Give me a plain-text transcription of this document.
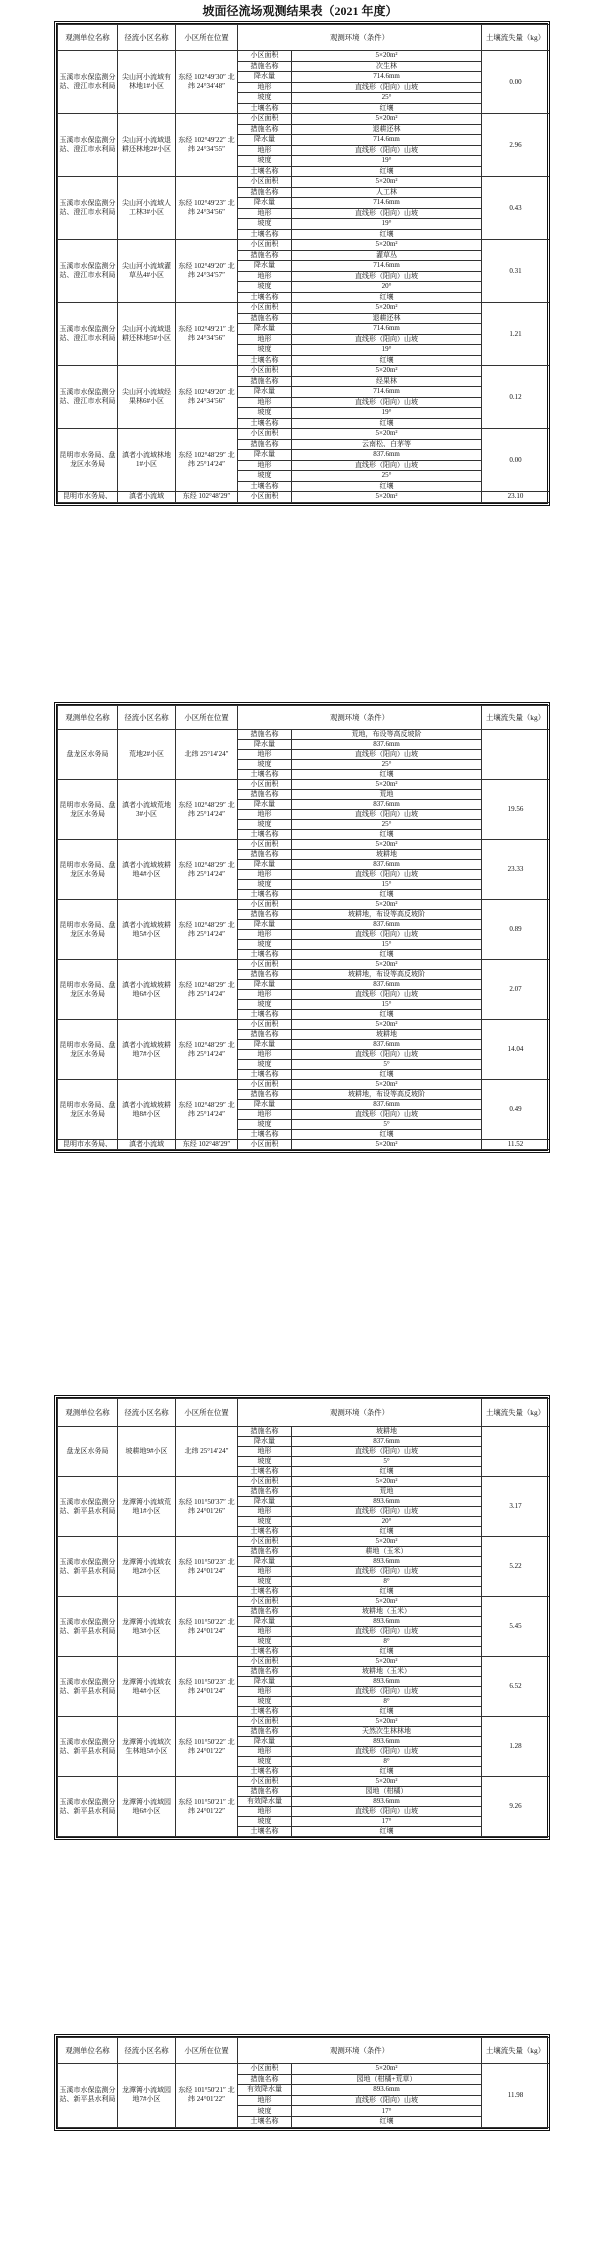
坡面径流场观测结果表（2021 年度）
观测单位名称	径流小区名称	小区所在位置	观测环境（条件）		土壤流失量（kg）
玉溪市水保监测分站、澄江市水利局	尖山河小流域有林地1#小区	东经 102°49′30″ 北纬 24°34′48″	小区面积	5×20m²	0.00
			措施名称	次生林	
			降水量	714.6mm	
			地形	直线形（阳向）山坡	
			坡度	25°	
			土壤名称	红壤	
玉溪市水保监测分站、澄江市水利局	尖山河小流域退耕还林地2#小区	东经 102°49′22″ 北纬 24°34′55″	小区面积	5×20m²	2.96
			措施名称	退耕还林	
			降水量	714.6mm	
			地形	直线形（阳向）山坡	
			坡度	19°	
			土壤名称	红壤	
玉溪市水保监测分站、澄江市水利局	尖山河小流域人工林3#小区	东经 102°49′23″ 北纬 24°34′56″	小区面积	5×20m²	0.43
			措施名称	人工林	
			降水量	714.6mm	
			地形	直线形（阳向）山坡	
			坡度	19°	
			土壤名称	红壤	
玉溪市水保监测分站、澄江市水利局	尖山河小流域灌草丛4#小区	东经 102°49′20″ 北纬 24°34′57″	小区面积	5×20m²	0.31
			措施名称	灌草丛	
			降水量	714.6mm	
			地形	直线形（阳向）山坡	
			坡度	20°	
			土壤名称	红壤	
玉溪市水保监测分站、澄江市水利局	尖山河小流域退耕还林地5#小区	东经 102°49′21″ 北纬 24°34′56″	小区面积	5×20m²	1.21
			措施名称	退耕还林	
			降水量	714.6mm	
			地形	直线形（阳向）山坡	
			坡度	19°	
			土壤名称	红壤	
玉溪市水保监测分站、澄江市水利局	尖山河小流域经果林6#小区	东经 102°49′20″ 北纬 24°34′56″	小区面积	5×20m²	0.12
			措施名称	经果林	
			降水量	714.6mm	
			地形	直线形（阳向）山坡	
			坡度	19°	
			土壤名称	红壤	
昆明市水务局、盘龙区水务局	滇者小流域林地1#小区	东经 102°48′29″ 北纬 25°14′24″	小区面积	5×20m²	0.00
			措施名称	云南松、白茅等	
			降水量	837.6mm	
			地形	直线形（阳向）山坡	
			坡度	25°	
			土壤名称	红壤	
昆明市水务局、	滇者小流域	东经 102°48′29″	小区面积	5×20m²	23.10
观测单位名称	径流小区名称	小区所在位置	观测环境（条件）		土壤流失量（kg）
盘龙区水务局	荒地2#小区	北纬 25°14′24″	措施名称	荒地，布设等高反坡阶	
			降水量	837.6mm	
			地形	直线形（阳向）山坡	
			坡度	25°	
			土壤名称	红壤	
昆明市水务局、盘龙区水务局	滇者小流域荒地3#小区	东经 102°48′29″ 北纬 25°14′24″	小区面积	5×20m²	19.56
			措施名称	荒地	
			降水量	837.6mm	
			地形	直线形（阳向）山坡	
			坡度	25°	
			土壤名称	红壤	
昆明市水务局、盘龙区水务局	滇者小流域坡耕地4#小区	东经 102°48′29″ 北纬 25°14′24″	小区面积	5×20m²	23.33
			措施名称	坡耕地	
			降水量	837.6mm	
			地形	直线形（阳向）山坡	
			坡度	15°	
			土壤名称	红壤	
昆明市水务局、盘龙区水务局	滇者小流域坡耕地5#小区	东经 102°48′29″ 北纬 25°14′24″	小区面积	5×20m²	0.89
			措施名称	坡耕地，布设等高反坡阶	
			降水量	837.6mm	
			地形	直线形（阳向）山坡	
			坡度	15°	
			土壤名称	红壤	
昆明市水务局、盘龙区水务局	滇者小流域坡耕地6#小区	东经 102°48′29″ 北纬 25°14′24″	小区面积	5×20m²	2.07
			措施名称	坡耕地，布设等高反坡阶	
			降水量	837.6mm	
			地形	直线形（阳向）山坡	
			坡度	15°	
			土壤名称	红壤	
昆明市水务局、盘龙区水务局	滇者小流域坡耕地7#小区	东经 102°48′29″ 北纬 25°14′24″	小区面积	5×20m²	14.04
			措施名称	坡耕地	
			降水量	837.6mm	
			地形	直线形（阳向）山坡	
			坡度	5°	
			土壤名称	红壤	
昆明市水务局、盘龙区水务局	滇者小流域坡耕地8#小区	东经 102°48′29″ 北纬 25°14′24″	小区面积	5×20m²	0.49
			措施名称	坡耕地，布设等高反坡阶	
			降水量	837.6mm	
			地形	直线形（阳向）山坡	
			坡度	5°	
			土壤名称	红壤	
昆明市水务局、	滇者小流域	东经 102°48′29″	小区面积	5×20m²	11.52
观测单位名称	径流小区名称	小区所在位置	观测环境（条件）		土壤流失量（kg）
盘龙区水务局	坡耕地9#小区	北纬 25°14′24″	措施名称	坡耕地	
			降水量	837.6mm	
			地形	直线形（阳向）山坡	
			坡度	5°	
			土壤名称	红壤	
玉溪市水保监测分站、新平县水利局	龙潭箐小流域荒地1#小区	东经 101°50′37″ 北纬 24°01′26″	小区面积	5×20m²	3.17
			措施名称	荒地	
			降水量	893.6mm	
			地形	直线形（阳向）山坡	
			坡度	20°	
			土壤名称	红壤	
玉溪市水保监测分站、新平县水利局	龙潭箐小流域农地2#小区	东经 101°50′23″ 北纬 24°01′24″	小区面积	5×20m²	5.22
			措施名称	耕地（玉米）	
			降水量	893.6mm	
			地形	直线形（阳向）山坡	
			坡度	8°	
			土壤名称	红壤	
玉溪市水保监测分站、新平县水利局	龙潭箐小流域农地3#小区	东经 101°50′22″ 北纬 24°01′24″	小区面积	5×20m²	5.45
			措施名称	坡耕地（玉米）	
			降水量	893.6mm	
			地形	直线形（阳向）山坡	
			坡度	8°	
			土壤名称	红壤	
玉溪市水保监测分站、新平县水利局	龙潭箐小流域农地4#小区	东经 101°50′23″ 北纬 24°01′24″	小区面积	5×20m²	6.52
			措施名称	坡耕地（玉米）	
			降水量	893.6mm	
			地形	直线形（阳向）山坡	
			坡度	8°	
			土壤名称	红壤	
玉溪市水保监测分站、新平县水利局	龙潭箐小流域次生林地5#小区	东经 101°50′22″ 北纬 24°01′22″	小区面积	5×20m²	1.28
			措施名称	天然次生林林地	
			降水量	893.6mm	
			地形	直线形（阳向）山坡	
			坡度	8°	
			土壤名称	红壤	
玉溪市水保监测分站、新平县水利局	龙潭箐小流域园地6#小区	东经 101°50′21″ 北纬 24°01′22″	小区面积	5×20m²	9.26
			措施名称	园地（柑橘）	
			有效降水量	893.6mm	
			地形	直线形（阳向）山坡	
			坡度	17°	
			土壤名称	红壤	
观测单位名称	径流小区名称	小区所在位置	观测环境（条件）		土壤流失量（kg）
玉溪市水保监测分站、新平县水利局	龙潭箐小流域园地7#小区	东经 101°50′21″ 北纬 24°01′22″	小区面积	5×20m²	11.98
			措施名称	园地（柑橘+荒草）	
			有效降水量	893.6mm	
			地形	直线形（阳向）山坡	
			坡度	17°	
			土壤名称	红壤	
